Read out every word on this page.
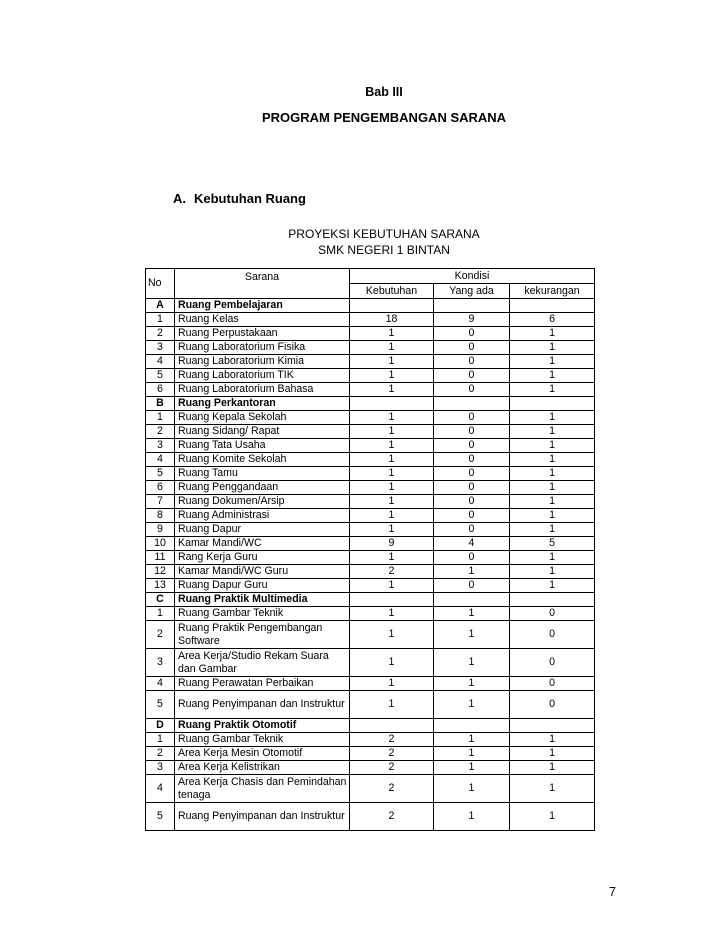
Bab III
PROGRAM PENGEMBANGAN SARANA
A. Kebutuhan Ruang
PROYEKSI KEBUTUHAN SARANA
SMK NEGERI 1 BINTAN
No	Sarana	Kondisi		
		Kebutuhan	Yang ada	kekurangan
A	Ruang Pembelajaran			
1	Ruang Kelas	18	9	6
2	Ruang Perpustakaan	1	0	1
3	Ruang Laboratorium Fisika	1	0	1
4	Ruang Laboratorium Kimia	1	0	1
5	Ruang Laboratorium TIK	1	0	1
6	Ruang Laboratorium Bahasa	1	0	1
B	Ruang Perkantoran			
1	Ruang Kepala Sekolah	1	0	1
2	Ruang Sidang/ Rapat	1	0	1
3	Ruang Tata Usaha	1	0	1
4	Ruang Komite Sekolah	1	0	1
5	Ruang Tamu	1	0	1
6	Ruang Penggandaan	1	0	1
7	Ruang Dokumen/Arsip	1	0	1
8	Ruang Administrasi	1	0	1
9	Ruang Dapur	1	0	1
10	Kamar Mandi/WC	9	4	5
11	Rang Kerja Guru	1	0	1
12	Kamar Mandi/WC Guru	2	1	1
13	Ruang Dapur Guru	1	0	1
C	Ruang Praktik Multimedia			
1	Ruang Gambar Teknik	1	1	0
2	Ruang Praktik Pengembangan Software	1	1	0
3	Area Kerja/Studio Rekam Suara dan Gambar	1	1	0
4	Ruang Perawatan Perbaikan	1	1	0
5	Ruang Penyimpanan dan Instruktur	1	1	0
D	Ruang Praktik Otomotif			
1	Ruang Gambar Teknik	2	1	1
2	Area Kerja Mesin Otomotif	2	1	1
3	Area Kerja Kelistrikan	2	1	1
4	Area Kerja Chasis dan Pemindahan tenaga	2	1	1
5	Ruang Penyimpanan dan Instruktur	2	1	1
7
